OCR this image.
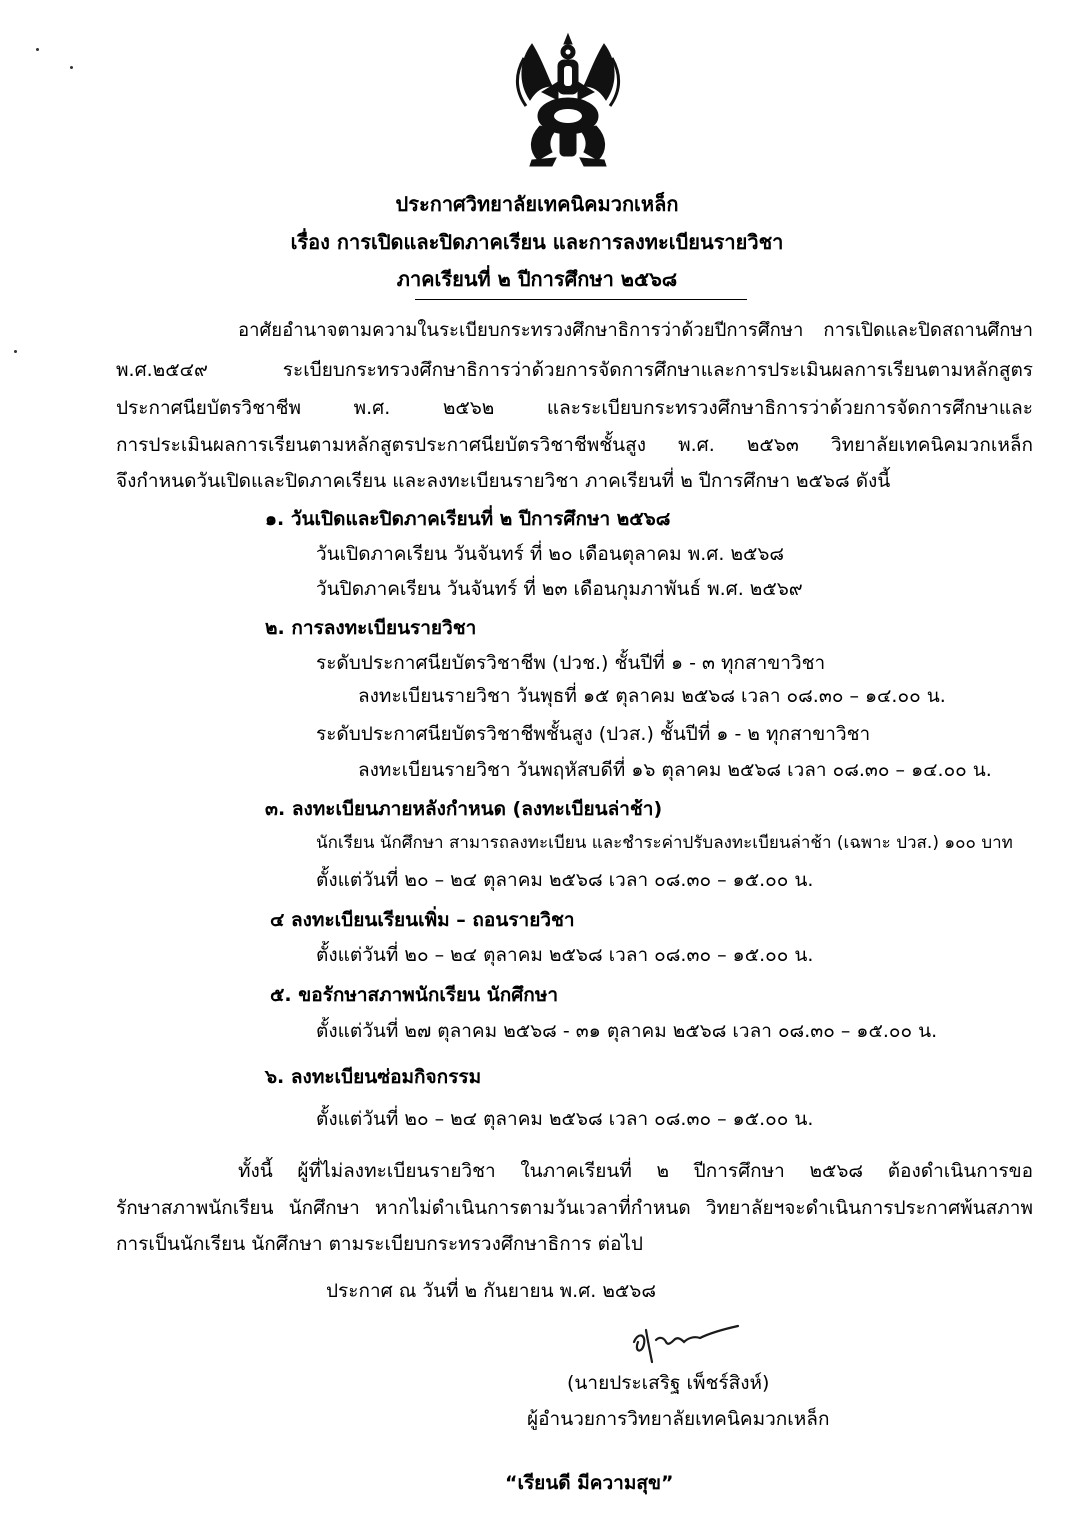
ประกาศวิทยาลัยเทคนิคมวกเหล็ก
เรื่อง การเปิดและปิดภาคเรียน และการลงทะเบียนรายวิชา
ภาคเรียนที่ ๒ ปีการศึกษา ๒๕๖๘
อาศัยอำนาจตามความในระเบียบกระทรวงศึกษาธิการว่าด้วยปีการศึกษา การเปิดและปิดสถานศึกษา
พ.ศ.๒๕๔๙ ระเบียบกระทรวงศึกษาธิการว่าด้วยการจัดการศึกษาและการประเมินผลการเรียนตามหลักสูตร
ประกาศนียบัตรวิชาชีพ พ.ศ. ๒๕๖๒ และระเบียบกระทรวงศึกษาธิการว่าด้วยการจัดการศึกษาและ
การประเมินผลการเรียนตามหลักสูตรประกาศนียบัตรวิชาชีพชั้นสูง พ.ศ. ๒๕๖๓ วิทยาลัยเทคนิคมวกเหล็ก
จึงกำหนดวันเปิดและปิดภาคเรียน และลงทะเบียนรายวิชา ภาคเรียนที่ ๒ ปีการศึกษา ๒๕๖๘ ดังนี้
๑. วันเปิดและปิดภาคเรียนที่ ๒ ปีการศึกษา ๒๕๖๘
วันเปิดภาคเรียน วันจันทร์ ที่ ๒๐ เดือนตุลาคม พ.ศ. ๒๕๖๘
วันปิดภาคเรียน วันจันทร์ ที่ ๒๓ เดือนกุมภาพันธ์ พ.ศ. ๒๕๖๙
๒. การลงทะเบียนรายวิชา
ระดับประกาศนียบัตรวิชาชีพ (ปวช.) ชั้นปีที่ ๑ - ๓ ทุกสาขาวิชา
ลงทะเบียนรายวิชา วันพุธที่ ๑๕ ตุลาคม ๒๕๖๘ เวลา ๐๘.๓๐ – ๑๔.๐๐ น.
ระดับประกาศนียบัตรวิชาชีพชั้นสูง (ปวส.) ชั้นปีที่ ๑ - ๒ ทุกสาขาวิชา
ลงทะเบียนรายวิชา วันพฤหัสบดีที่ ๑๖ ตุลาคม ๒๕๖๘ เวลา ๐๘.๓๐ – ๑๔.๐๐ น.
๓. ลงทะเบียนภายหลังกำหนด (ลงทะเบียนล่าช้า)
นักเรียน นักศึกษา สามารถลงทะเบียน และชำระค่าปรับลงทะเบียนล่าช้า (เฉพาะ ปวส.) ๑๐๐ บาท
ตั้งแต่วันที่ ๒๐ – ๒๔ ตุลาคม ๒๕๖๘ เวลา ๐๘.๓๐ – ๑๕.๐๐ น.
๔ ลงทะเบียนเรียนเพิ่ม – ถอนรายวิชา
ตั้งแต่วันที่ ๒๐ – ๒๔ ตุลาคม ๒๕๖๘ เวลา ๐๘.๓๐ – ๑๕.๐๐ น.
๕. ขอรักษาสภาพนักเรียน นักศึกษา
ตั้งแต่วันที่ ๒๗ ตุลาคม ๒๕๖๘ - ๓๑ ตุลาคม ๒๕๖๘ เวลา ๐๘.๓๐ – ๑๕.๐๐ น.
๖. ลงทะเบียนซ่อมกิจกรรม
ตั้งแต่วันที่ ๒๐ – ๒๔ ตุลาคม ๒๕๖๘ เวลา ๐๘.๓๐ – ๑๕.๐๐ น.
ทั้งนี้ ผู้ที่ไม่ลงทะเบียนรายวิชา ในภาคเรียนที่ ๒ ปีการศึกษา ๒๕๖๘ ต้องดำเนินการขอ
รักษาสภาพนักเรียน นักศึกษา หากไม่ดำเนินการตามวันเวลาที่กำหนด วิทยาลัยฯจะดำเนินการประกาศพ้นสภาพ
การเป็นนักเรียน นักศึกษา ตามระเบียบกระทรวงศึกษาธิการ ต่อไป
ประกาศ ณ วันที่ ๒ กันยายน พ.ศ. ๒๕๖๘
(นายประเสริฐ เพ็ชร์สิงห์)
ผู้อำนวยการวิทยาลัยเทคนิคมวกเหล็ก
“เรียนดี มีความสุข”
